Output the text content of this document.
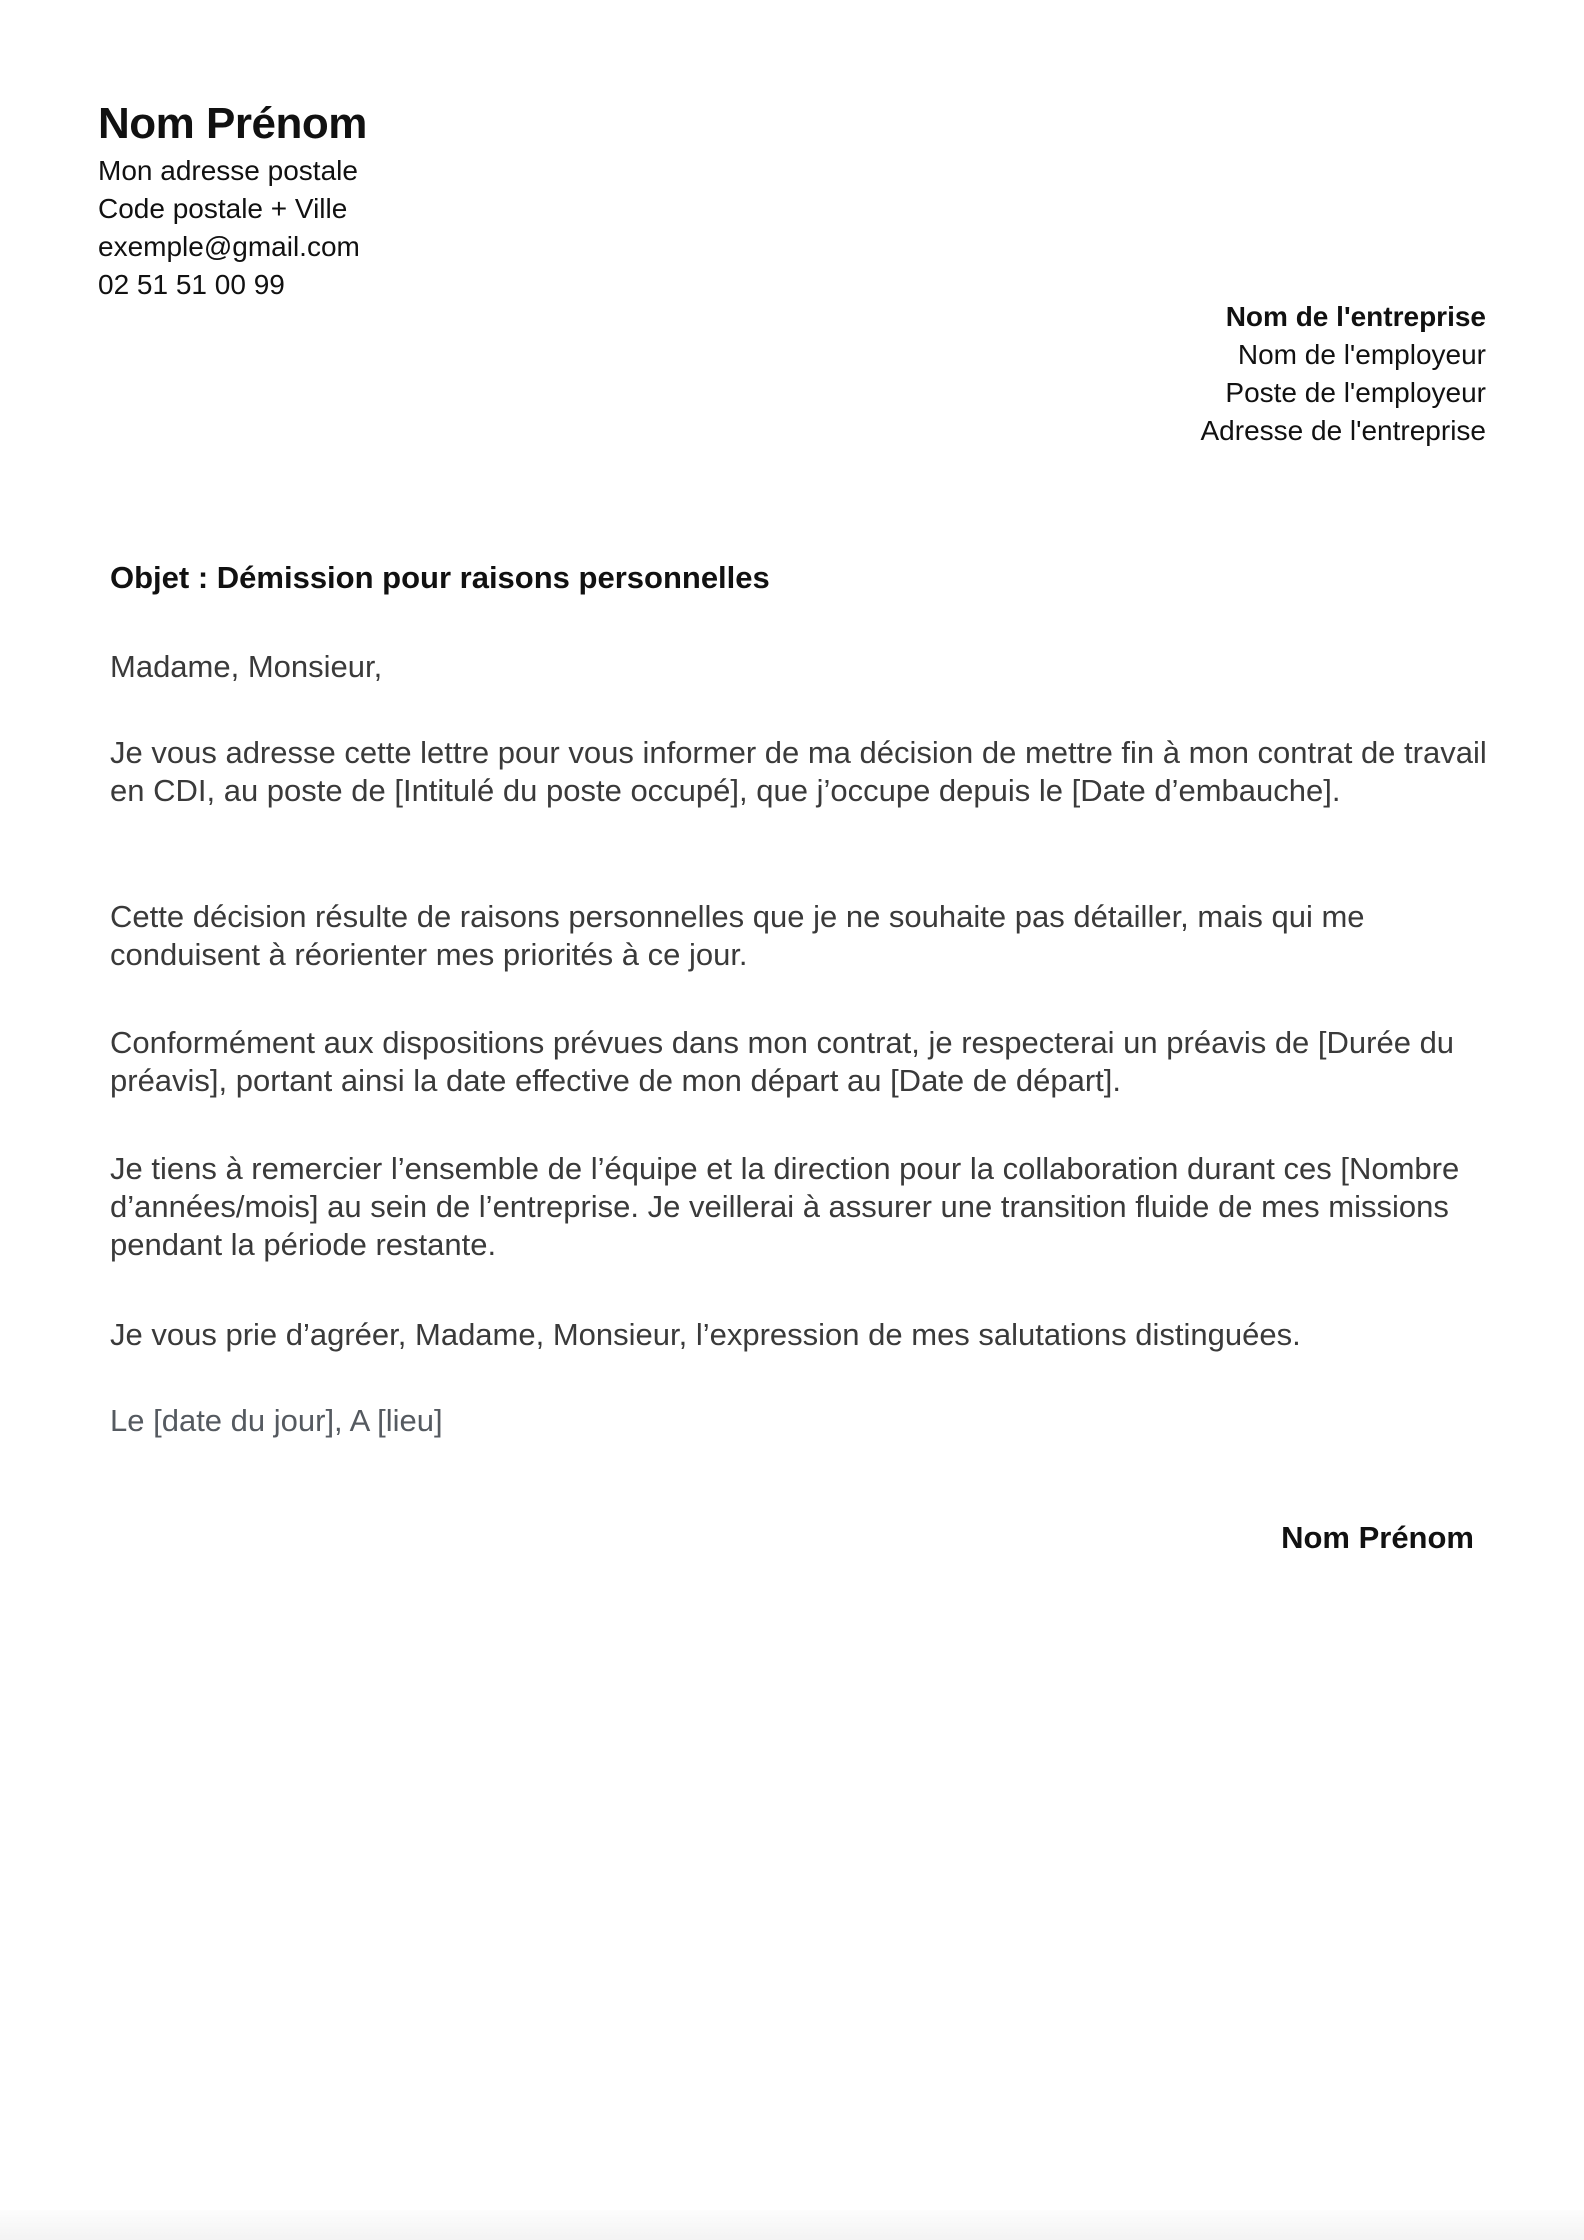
Nom Prénom
Mon adresse postale
Code postale + Ville
exemple@gmail.com
02 51 51 00 99
Nom de l'entreprise
Nom de l'employeur
Poste de l'employeur
Adresse de l'entreprise
Objet : Démission pour raisons personnelles

Madame, Monsieur,

Je vous adresse cette lettre pour vous informer de ma décision de mettre fin à mon contrat de travail en CDI, au poste de [Intitulé du poste occupé], que j’occupe depuis le [Date d’embauche].

Cette décision résulte de raisons personnelles que je ne souhaite pas détailler, mais qui me conduisent à réorienter mes priorités à ce jour.

Conformément aux dispositions prévues dans mon contrat, je respecterai un préavis de [Durée du préavis], portant ainsi la date effective de mon départ au [Date de départ].

Je tiens à remercier l’ensemble de l’équipe et la direction pour la collaboration durant ces [Nombre d’années/mois] au sein de l’entreprise. Je veillerai à assurer une transition fluide de mes missions pendant la période restante.

Je vous prie d’agréer, Madame, Monsieur, l’expression de mes salutations distinguées.

Le [date du jour], A [lieu]

Nom Prénom
